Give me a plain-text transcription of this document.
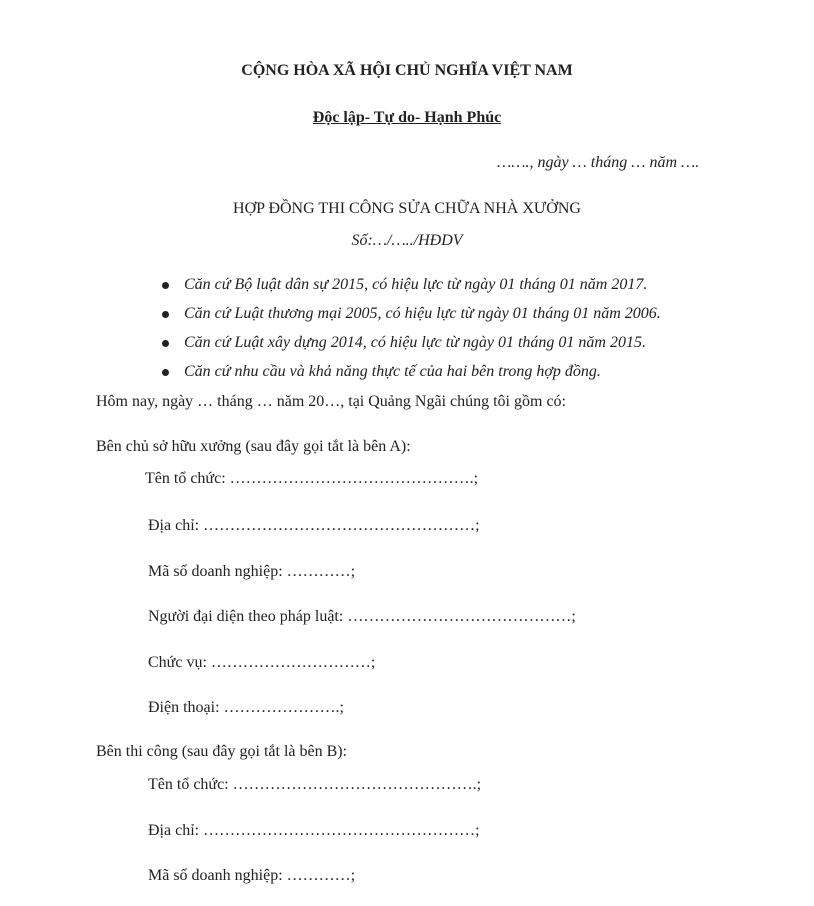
CỘNG HÒA XÃ HỘI CHỦ NGHĨA VIỆT NAM
Độc lập- Tự do- Hạnh Phúc
……., ngày … tháng … năm ….
HỢP ĐỒNG THI CÔNG SỬA CHỮA NHÀ XƯỞNG
Số:…/…../HĐDV
Căn cứ Bộ luật dân sự 2015, có hiệu lực từ ngày 01 tháng 01 năm 2017.
Căn cứ Luật thương mại 2005, có hiệu lực từ ngày 01 tháng 01 năm 2006.
Căn cứ Luật xây dựng 2014, có hiệu lực từ ngày 01 tháng 01 năm 2015.
Căn cứ nhu cầu và khả năng thực tế của hai bên trong hợp đồng.
Hôm nay, ngày … tháng … năm 20…, tại Quảng Ngãi chúng tôi gồm có:
Bên chủ sở hữu xưởng (sau đây gọi tắt là bên A):
Tên tổ chức: ……………………………………….;
Địa chỉ: ……………………………………………;
Mã số doanh nghiệp: …………;
Người đại diện theo pháp luật: ……………………………………;
Chức vụ: …………………………;
Điện thoại: ………………….;
Bên thi công (sau đây gọi tắt là bên B):
Tên tổ chức: ……………………………………….;
Địa chỉ: ……………………………………………;
Mã số doanh nghiệp: …………;
